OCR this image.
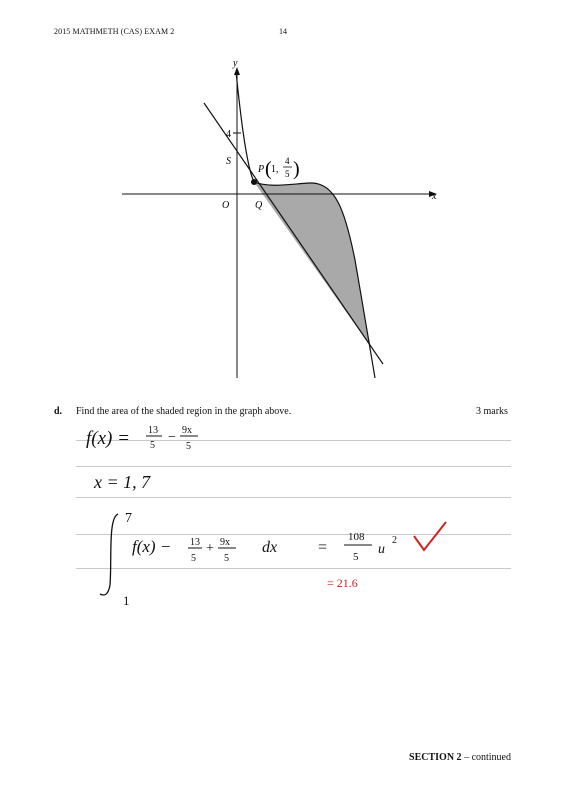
2015 MATHMETH (CAS) EXAM 2	14
y
x
O
4
S
Q
P ( 1,
4
5 )
d. Find the area of the shaded region in the graph above.	3 marks
f(x) = 13
5
− 9x
5
x = 1, 7
7
1
f(x) − 13
5
+ 9x
5
dx	=
108
5 u
2
= 21.6
SECTION 2 – continued
